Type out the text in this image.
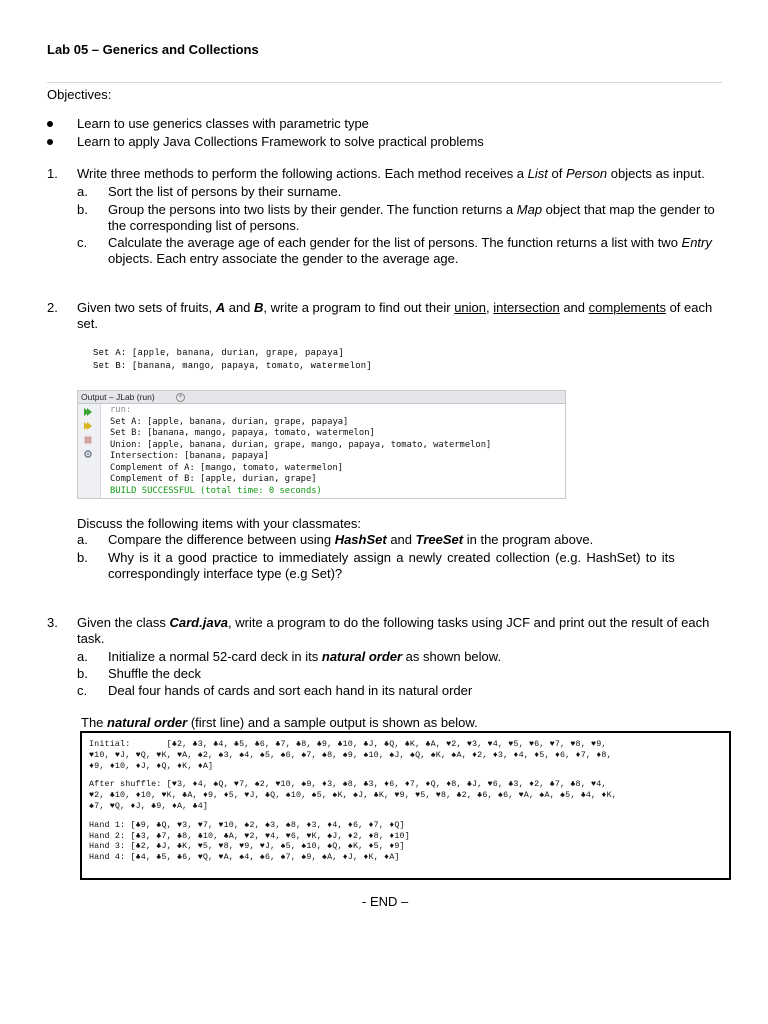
Lab 05 – Generics and Collections
Objectives:
Learn to use generics classes with parametric type
Learn to apply Java Collections Framework to solve practical problems
1. Write three methods to perform the following actions. Each method receives a List of Person objects as input.
a. Sort the list of persons by their surname.
b. Group the persons into two lists by their gender. The function returns a Map object that map the gender to
the corresponding list of persons.
c. Calculate the average age of each gender for the list of persons. The function returns a list with two Entry
objects. Each entry associate the gender to the average age.
2. Given two sets of fruits, A and B, write a program to find out their union, intersection and complements of each
set.
Set A: [apple, banana, durian, grape, papaya]
Set B: [banana, mango, papaya, tomato, watermelon]
Output – JLab (run)	×
run:
Set A: [apple, banana, durian, grape, papaya]
Set B: [banana, mango, papaya, tomato, watermelon]
Union: [apple, banana, durian, grape, mango, papaya, tomato, watermelon]
Intersection: [banana, papaya]
Complement of A: [mango, tomato, watermelon]
Complement of B: [apple, durian, grape]
BUILD SUCCESSFUL (total time: 0 seconds)
Discuss the following items with your classmates:
a. Compare the difference between using HashSet and TreeSet in the program above.
b. Why is it a good practice to immediately assign a newly created collection (e.g. HashSet) to its
correspondingly interface type (e.g Set)?
3. Given the class Card.java, write a program to do the following tasks using JCF and print out the result of each
task.
a. Initialize a normal 52-card deck in its natural order as shown below.
b. Shuffle the deck
c. Deal four hands of cards and sort each hand in its natural order
The natural order (first line) and a sample output is shown as below.
Initial:       [♣2, ♣3, ♣4, ♣5, ♣6, ♣7, ♣8, ♣9, ♣10, ♣J, ♣Q, ♣K, ♣A, ♥2, ♥3, ♥4, ♥5, ♥6, ♥7, ♥8, ♥9,
♥10, ♥J, ♥Q, ♥K, ♥A, ♠2, ♠3, ♠4, ♠5, ♠6, ♠7, ♠8, ♠9, ♠10, ♠J, ♠Q, ♠K, ♠A, ♦2, ♦3, ♦4, ♦5, ♦6, ♦7, ♦8,
♦9, ♦10, ♦J, ♦Q, ♦K, ♦A]
After shuffle: [♥3, ♦4, ♠Q, ♥7, ♠2, ♥10, ♠9, ♦3, ♠8, ♣3, ♦6, ♦7, ♦Q, ♦8, ♣J, ♥6, ♣3, ♦2, ♣7, ♣8, ♥4,
♥2, ♣10, ♦10, ♥K, ♣A, ♦9, ♦5, ♥J, ♣Q, ♠10, ♠5, ♠K, ♠J, ♣K, ♥9, ♥5, ♥8, ♣2, ♣6, ♠6, ♥A, ♠A, ♠5, ♣4, ♦K,
♠7, ♥Q, ♦J, ♣9, ♦A, ♣4]
Hand 1: [♣9, ♣Q, ♥3, ♥7, ♥10, ♠2, ♠3, ♠8, ♦3, ♦4, ♦6, ♦7, ♦Q]
Hand 2: [♣3, ♣7, ♣8, ♣10, ♣A, ♥2, ♥4, ♥6, ♥K, ♠J, ♦2, ♦8, ♦10]
Hand 3: [♣2, ♣J, ♣K, ♥5, ♥8, ♥9, ♥J, ♠5, ♠10, ♠Q, ♠K, ♦5, ♦9]
Hand 4: [♣4, ♣5, ♣6, ♥Q, ♥A, ♠4, ♠6, ♠7, ♠9, ♠A, ♦J, ♦K, ♦A]
- END –
